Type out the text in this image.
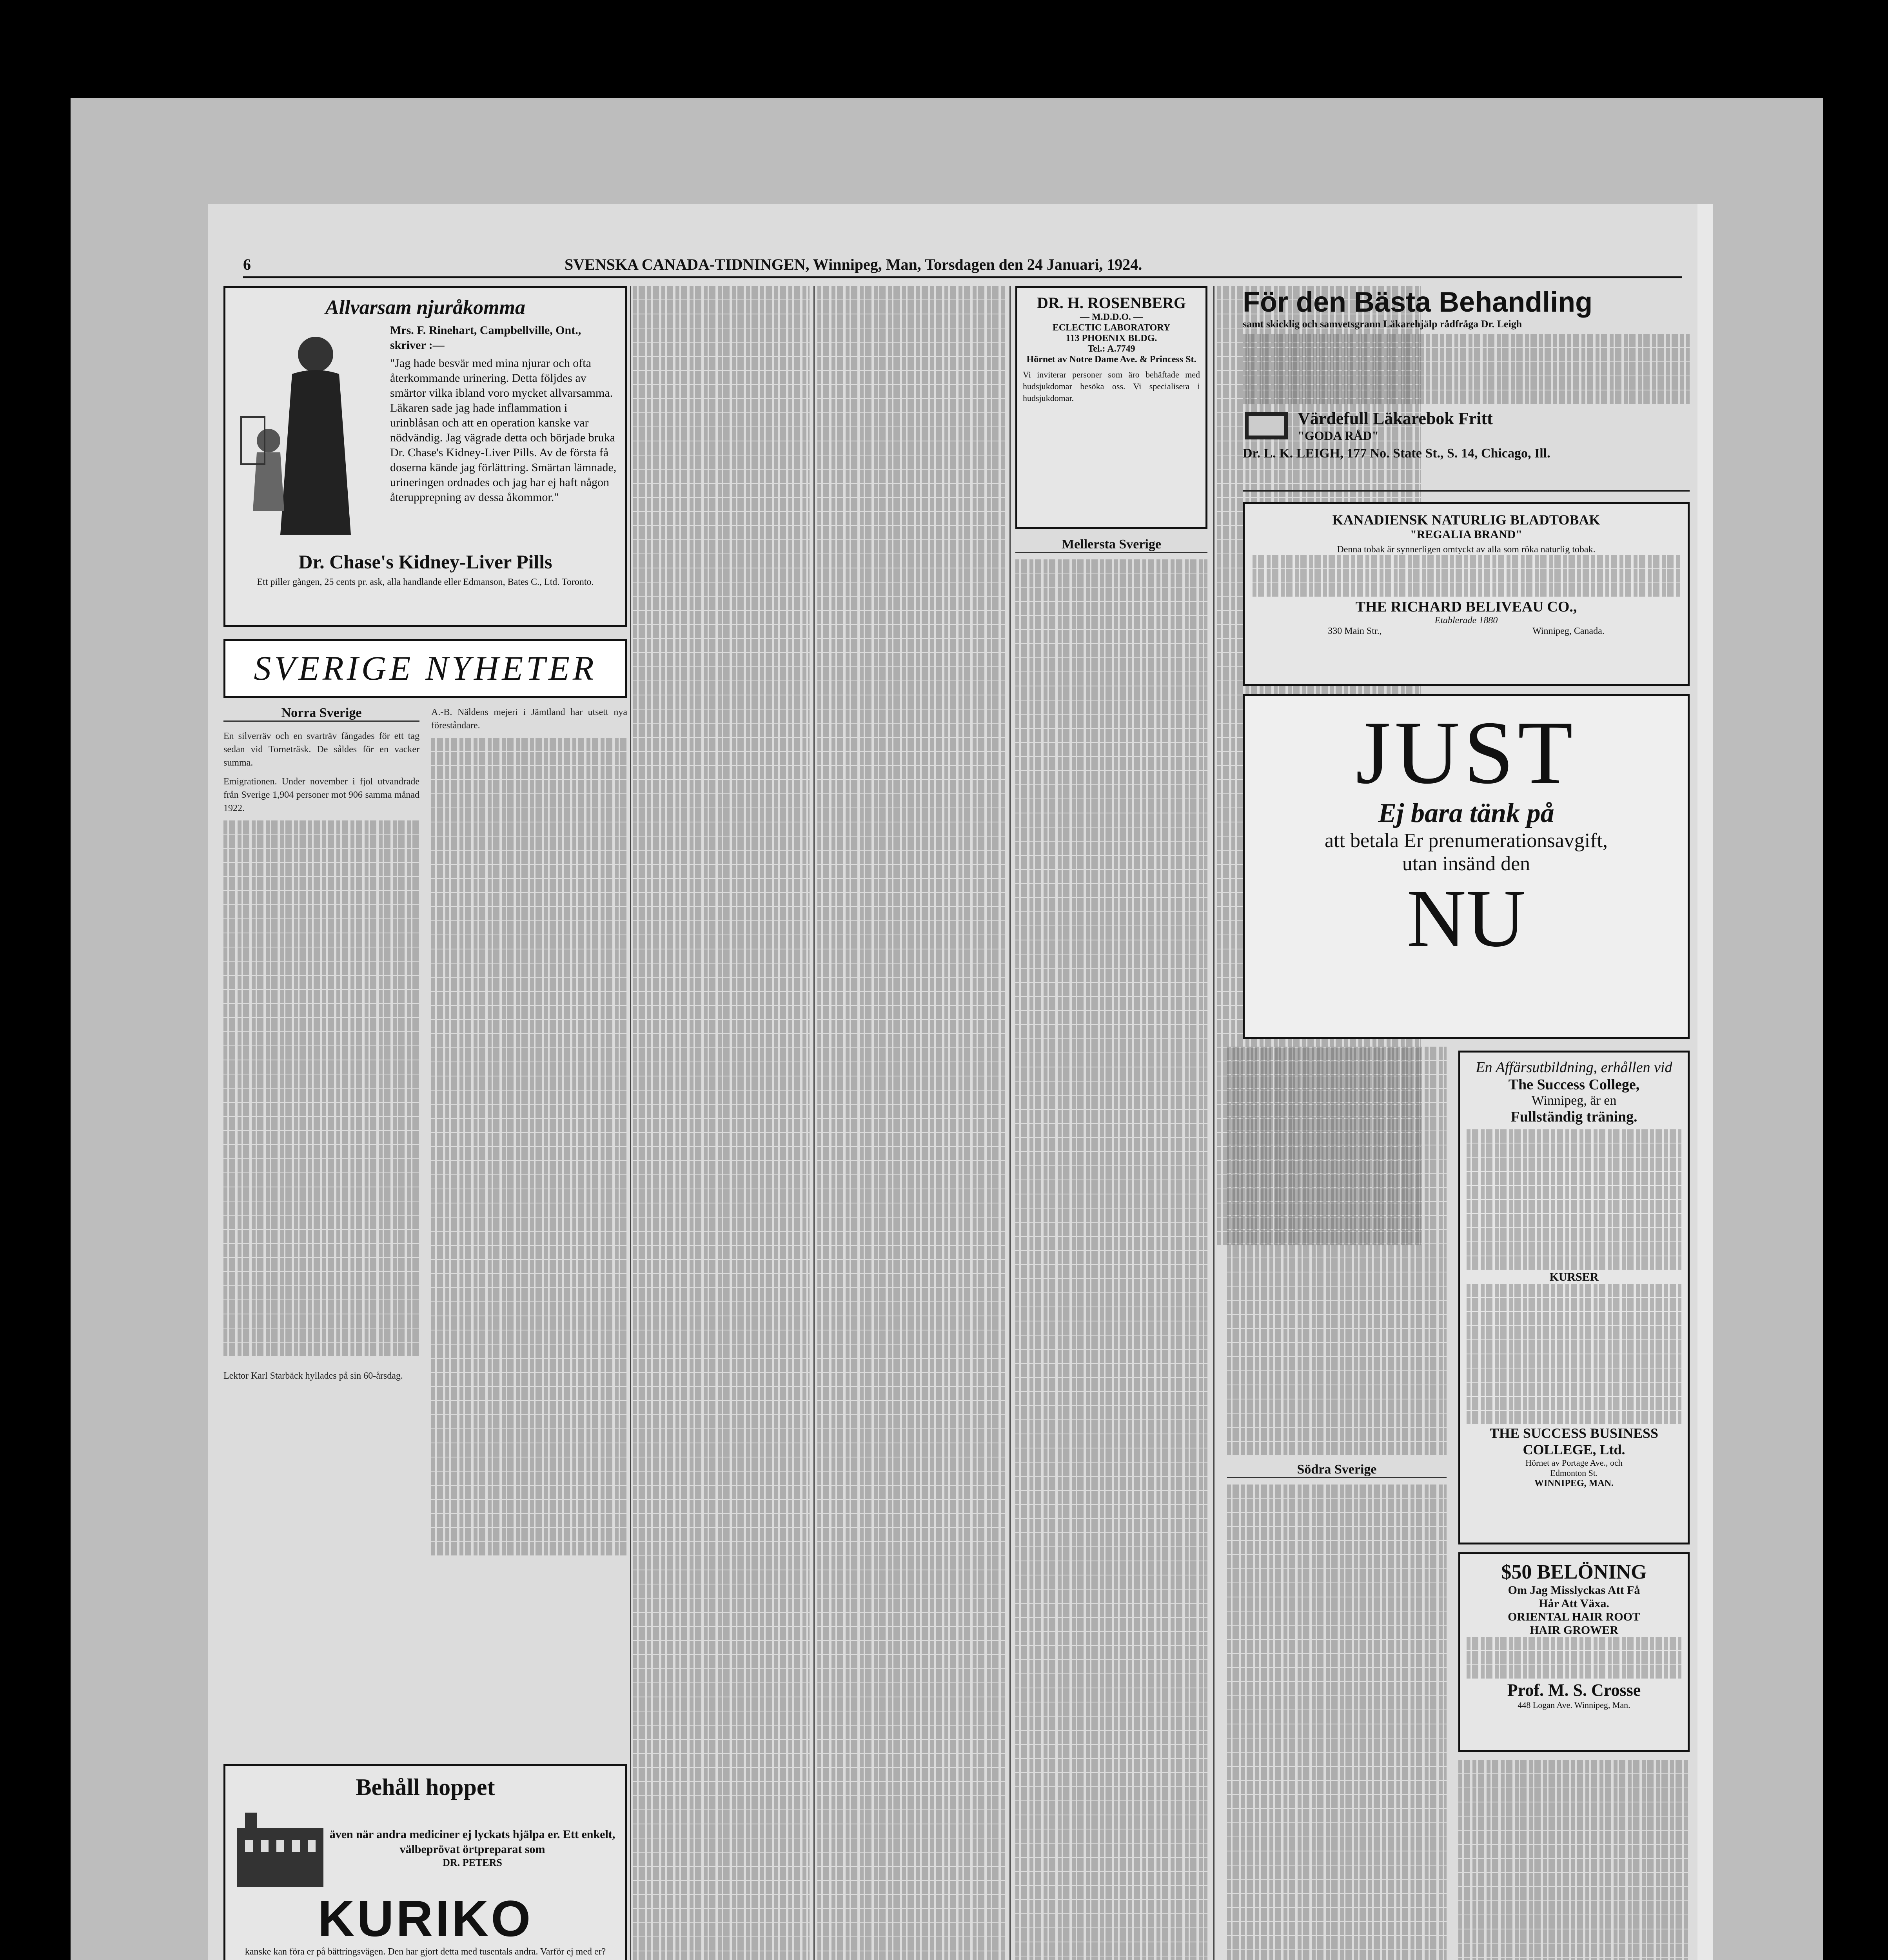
6	SVENSKA CANADA-TIDNINGEN, Winnipeg, Man, Torsdagen den 24 Januari, 1924.
Allvarsam njuråkomma
Mrs. F. Rinehart, Campbellville, Ont., skriver :—
"Jag hade besvär med mina njurar och ofta återkommande urinering. Detta följdes av smärtor vilka ibland voro mycket allvarsamma. Läkaren sade jag hade inflammation i urinblåsan och att en operation kanske var nödvändig. Jag vägrade detta och började bruka Dr. Chase's Kidney-Liver Pills. Av de första få doserna kände jag förlättring. Smärtan lämnade, urineringen ordnades och jag har ej haft någon återupprepning av dessa åkommor."
Dr. Chase's Kidney-Liver Pills
Ett piller gången, 25 cents pr. ask, alla handlande eller Edmanson, Bates C., Ltd. Toronto.
SVERIGE NYHETER
Norra Sverige
En silverräv och en svarträv fångades för ett tag sedan vid Torneträsk. De såldes för en vacker summa.
Emigrationen. Under november i fjol utvandrade från Sverige 1,904 personer mot 906 samma månad 1922.
Lektor Karl Starbäck hyllades på sin 60-årsdag.
A.-B. Näldens mejeri i Jämtland har utsett nya föreståndare.
Behåll hoppet
även när andra mediciner ej lyckats hjälpa er. Ett enkelt, välbeprövat örtpreparat som
DR. PETERS
KURIKO
kanske kan föra er på bättringsvägen. Den har gjort detta med tusentals andra. Varför ej med er?
DR. H. ROSENBERG
— M.D.D.O. —
ECLECTIC LABORATORY
113 PHOENIX BLDG.
Tel.: A.7749
Hörnet av Notre Dame Ave. & Princess St.
Vi inviterar personer som äro behäftade med hudsjukdomar besöka oss. Vi specialisera i hudsjukdomar.
Mellersta Sverige
För den Bästa Behandling
samt skicklig och samvetsgrann Läkarehjälp rådfråga Dr. Leigh
Värdefull Läkarebok Fritt
"GODA RÅD"
Dr. L. K. LEIGH, 177 No. State St., S. 14, Chicago, Ill.
KANADIENSK NATURLIG BLADTOBAK
"REGALIA BRAND"
Denna tobak är synnerligen omtyckt av alla som röka naturlig tobak.
THE RICHARD BELIVEAU CO.,
Etablerade 1880
330 Main Str.,	Winnipeg, Canada.
JUST
Ej bara tänk på
att betala Er prenumerationsavgift,
utan insänd den
NU
Södra Sverige
En Affärsutbildning, erhållen vid
The Success College,
Winnipeg, är en
Fullständig träning.
KURSER
THE SUCCESS BUSINESS COLLEGE, Ltd.
Hörnet av Portage Ave., och
Edmonton St.
WINNIPEG, MAN.
$50 BELÖNING
Om Jag Misslyckas Att Få
Hår Att Växa.
ORIENTAL HAIR ROOT
HAIR GROWER
Prof. M. S. Crosse
448 Logan Ave. Winnipeg, Man.
